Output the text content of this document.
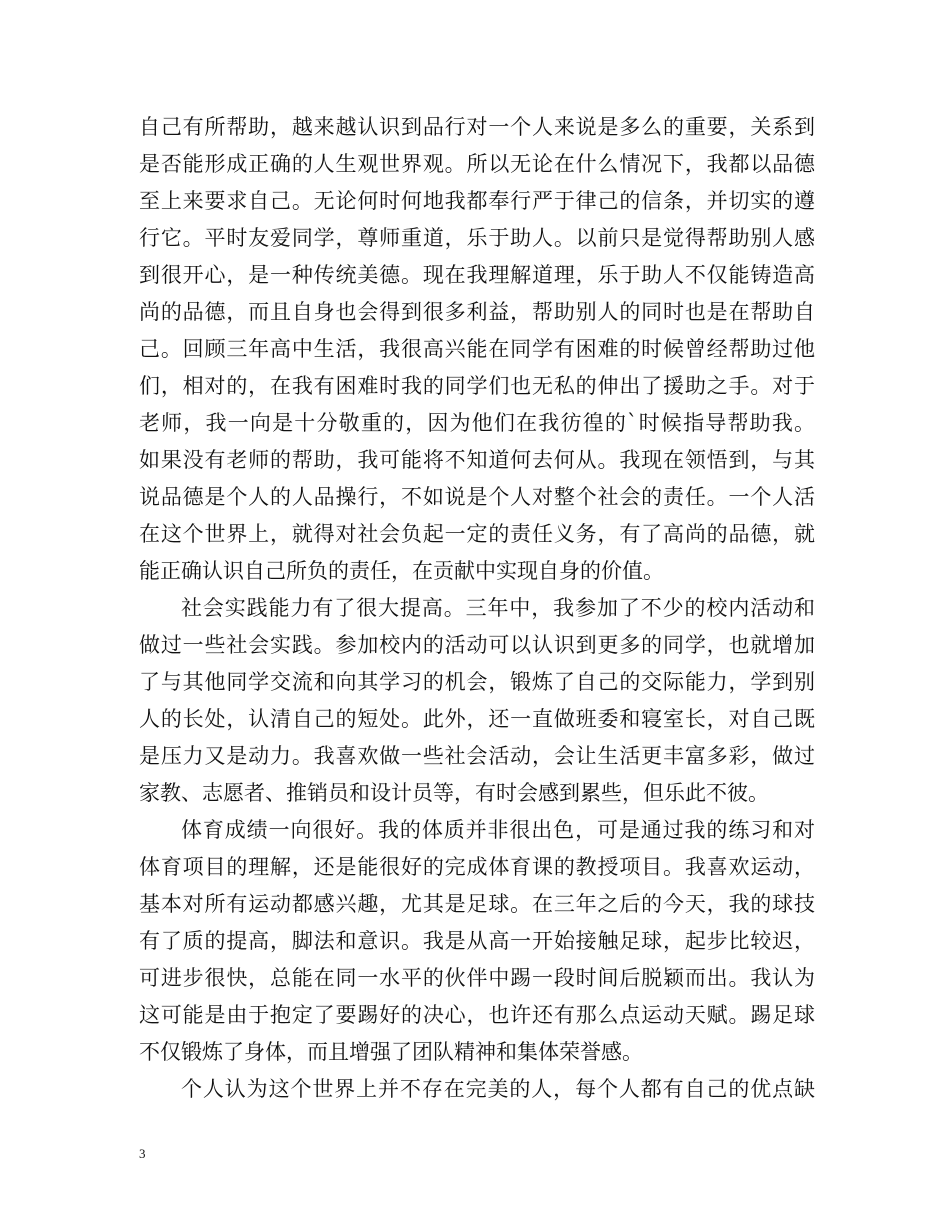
自己有所帮助，越来越认识到品行对一个人来说是多么的重要，关系到
是否能形成正确的人生观世界观。所以无论在什么情况下，我都以品德
至上来要求自己。无论何时何地我都奉行严于律己的信条，并切实的遵
行它。平时友爱同学，尊师重道，乐于助人。以前只是觉得帮助别人感
到很开心，是一种传统美德。现在我理解道理，乐于助人不仅能铸造高
尚的品德，而且自身也会得到很多利益，帮助别人的同时也是在帮助自
己。回顾三年高中生活，我很高兴能在同学有困难的时候曾经帮助过他
们，相对的，在我有困难时我的同学们也无私的伸出了援助之手。对于
老师，我一向是十分敬重的，因为他们在我彷徨的`时候指导帮助我。
如果没有老师的帮助，我可能将不知道何去何从。我现在领悟到，与其
说品德是个人的人品操行，不如说是个人对整个社会的责任。一个人活
在这个世界上，就得对社会负起一定的责任义务，有了高尚的品德，就
能正确认识自己所负的责任，在贡献中实现自身的价值。
社会实践能力有了很大提高。三年中，我参加了不少的校内活动和
做过一些社会实践。参加校内的活动可以认识到更多的同学，也就增加
了与其他同学交流和向其学习的机会，锻炼了自己的交际能力，学到别
人的长处，认清自己的短处。此外，还一直做班委和寝室长，对自己既
是压力又是动力。我喜欢做一些社会活动，会让生活更丰富多彩，做过
家教、志愿者、推销员和设计员等，有时会感到累些，但乐此不彼。
体育成绩一向很好。我的体质并非很出色，可是通过我的练习和对
体育项目的理解，还是能很好的完成体育课的教授项目。我喜欢运动，
基本对所有运动都感兴趣，尤其是足球。在三年之后的今天，我的球技
有了质的提高，脚法和意识。我是从高一开始接触足球，起步比较迟，
可进步很快，总能在同一水平的伙伴中踢一段时间后脱颖而出。我认为
这可能是由于抱定了要踢好的决心，也许还有那么点运动天赋。踢足球
不仅锻炼了身体，而且增强了团队精神和集体荣誉感。
个人认为这个世界上并不存在完美的人，每个人都有自己的优点缺
3
